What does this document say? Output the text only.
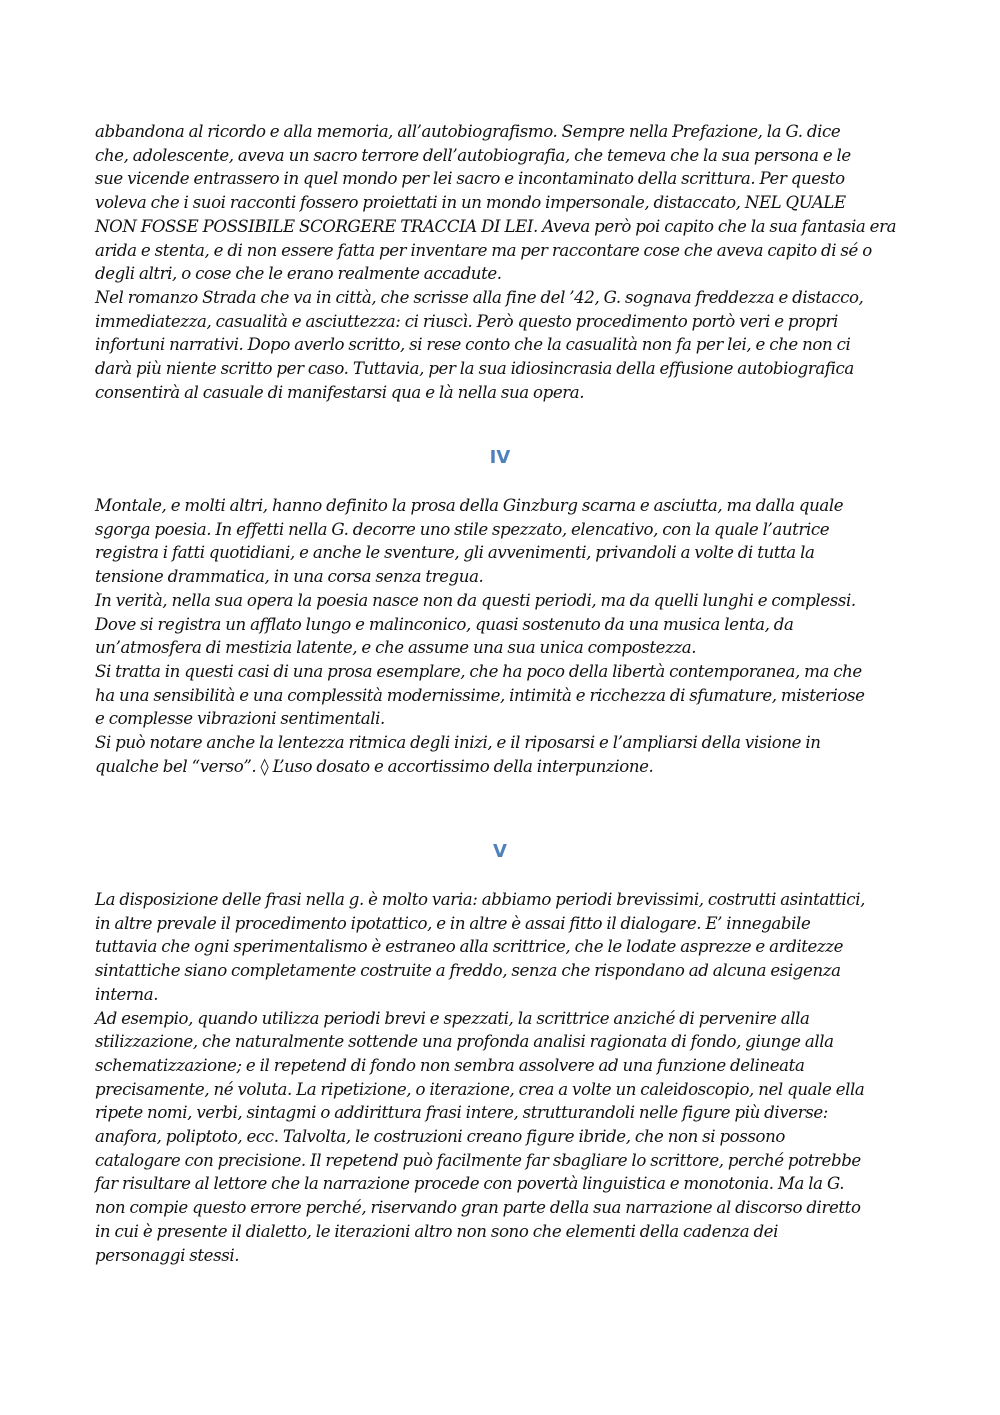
abbandona al ricordo e alla memoria, all’autobiografismo. Sempre nella Prefazione, la G. dice
che, adolescente, aveva un sacro terrore dell’autobiografia, che temeva che la sua persona e le
sue vicende entrassero in quel mondo per lei sacro e incontaminato della scrittura. Per questo
voleva che i suoi racconti fossero proiettati in un mondo impersonale, distaccato, NEL QUALE
NON FOSSE POSSIBILE SCORGERE TRACCIA DI LEI. Aveva però poi capito che la sua fantasia era
arida e stenta, e di non essere fatta per inventare ma per raccontare cose che aveva capito di sé o
degli altri, o cose che le erano realmente accadute.
Nel romanzo Strada che va in città, che scrisse alla fine del ’42, G. sognava freddezza e distacco,
immediatezza, casualità e asciuttezza: ci riuscì. Però questo procedimento portò veri e propri
infortuni narrativi. Dopo averlo scritto, si rese conto che la casualità non fa per lei, e che non ci
darà più niente scritto per caso. Tuttavia, per la sua idiosincrasia della effusione autobiografica
consentirà al casuale di manifestarsi qua e là nella sua opera.
IV
Montale, e molti altri, hanno definito la prosa della Ginzburg scarna e asciutta, ma dalla quale
sgorga poesia. In effetti nella G. decorre uno stile spezzato, elencativo, con la quale l’autrice
registra i fatti quotidiani, e anche le sventure, gli avvenimenti, privandoli a volte di tutta la
tensione drammatica, in una corsa senza tregua.
In verità, nella sua opera la poesia nasce non da questi periodi, ma da quelli lunghi e complessi.
Dove si registra un afflato lungo e malinconico, quasi sostenuto da una musica lenta, da
un’atmosfera di mestizia latente, e che assume una sua unica compostezza.
Si tratta in questi casi di una prosa esemplare, che ha poco della libertà contemporanea, ma che
ha una sensibilità e una complessità modernissime, intimità e ricchezza di sfumature, misteriose
e complesse vibrazioni sentimentali.
Si può notare anche la lentezza ritmica degli inizi, e il riposarsi e l’ampliarsi della visione in
qualche bel “verso”. ◊ L’uso dosato e accortissimo della interpunzione.
V
La disposizione delle frasi nella g. è molto varia: abbiamo periodi brevissimi, costrutti asintattici,
in altre prevale il procedimento ipotattico, e in altre è assai fitto il dialogare. E’ innegabile
tuttavia che ogni sperimentalismo è estraneo alla scrittrice, che le lodate asprezze e arditezze
sintattiche siano completamente costruite a freddo, senza che rispondano ad alcuna esigenza
interna.
Ad esempio, quando utilizza periodi brevi e spezzati, la scrittrice anziché di pervenire alla
stilizzazione, che naturalmente sottende una profonda analisi ragionata di fondo, giunge alla
schematizzazione; e il repetend di fondo non sembra assolvere ad una funzione delineata
precisamente, né voluta. La ripetizione, o iterazione, crea a volte un caleidoscopio, nel quale ella
ripete nomi, verbi, sintagmi o addirittura frasi intere, strutturandoli nelle figure più diverse:
anafora, poliptoto, ecc. Talvolta, le costruzioni creano figure ibride, che non si possono
catalogare con precisione. Il repetend può facilmente far sbagliare lo scrittore, perché potrebbe
far risultare al lettore che la narrazione procede con povertà linguistica e monotonia. Ma la G.
non compie questo errore perché, riservando gran parte della sua narrazione al discorso diretto
in cui è presente il dialetto, le iterazioni altro non sono che elementi della cadenza dei
personaggi stessi.
